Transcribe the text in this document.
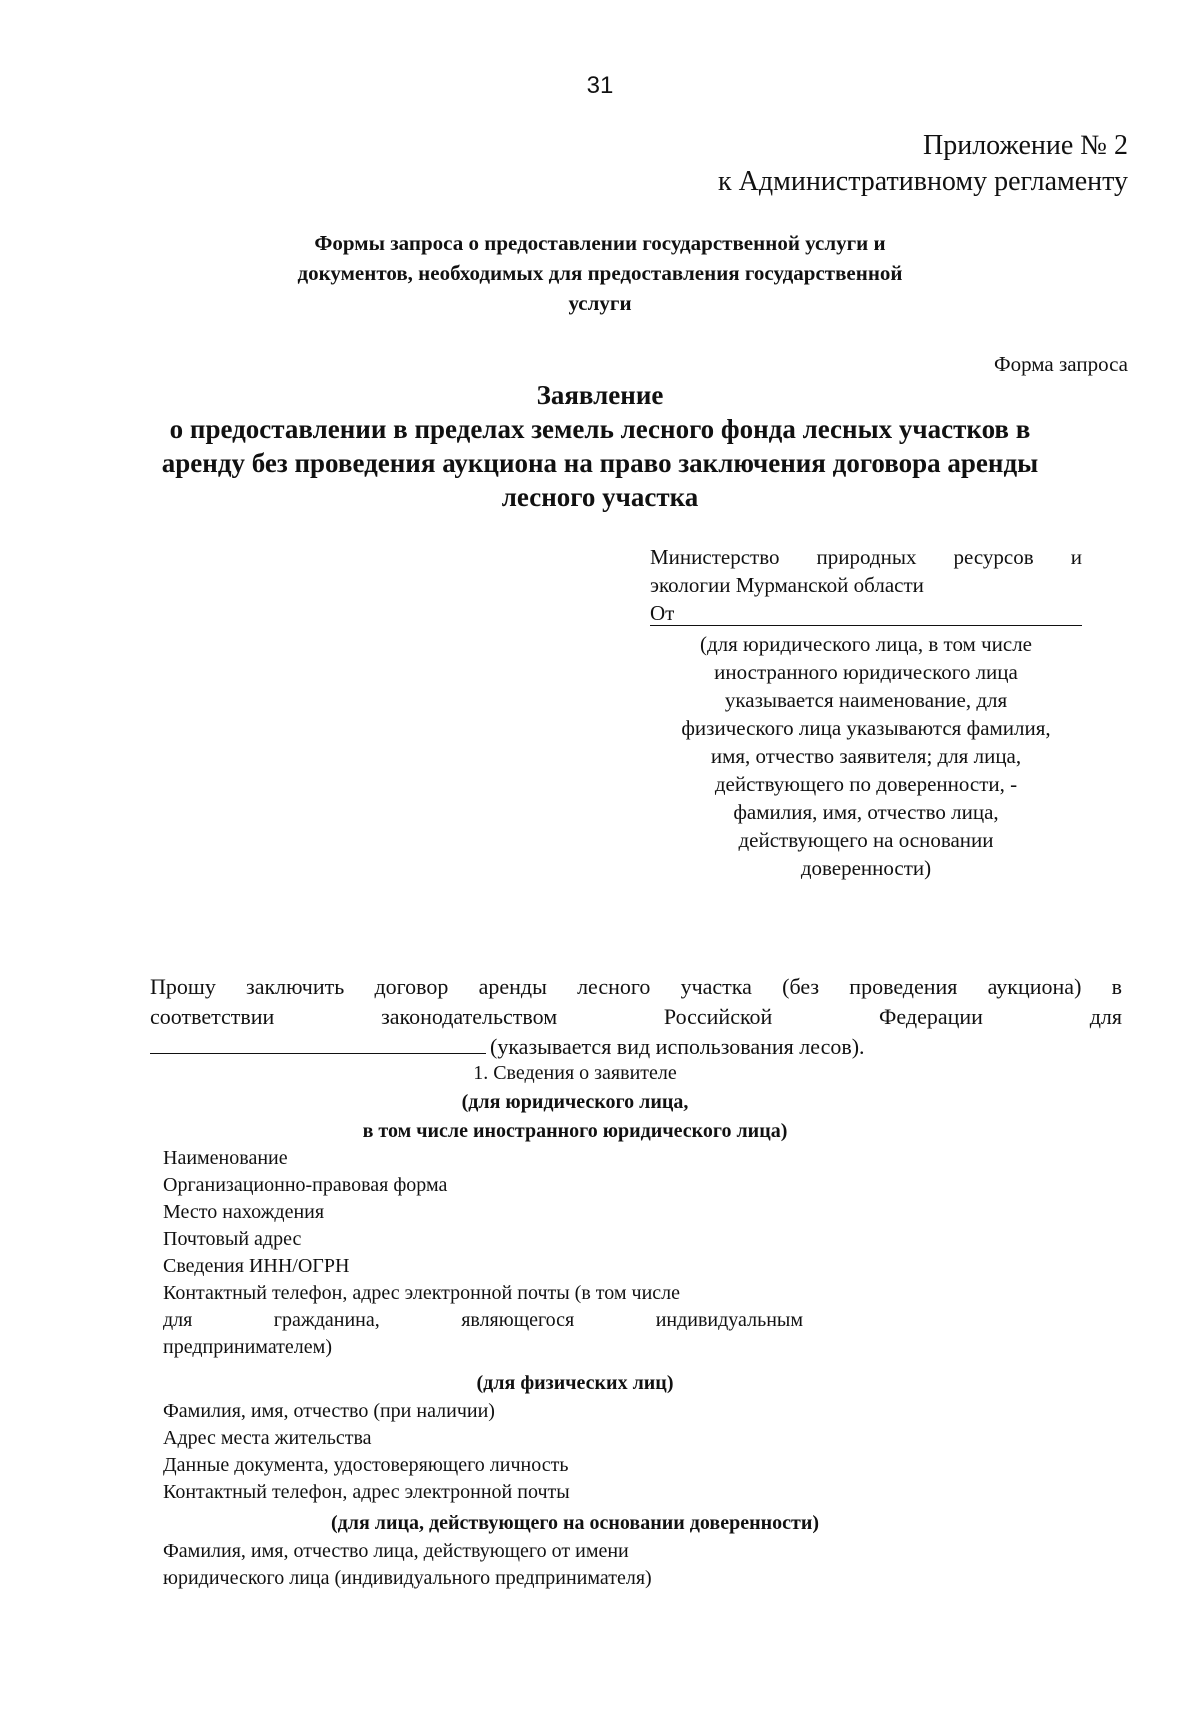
31
Приложение № 2
к Административному регламенту
Формы запроса о предоставлении государственной услуги и
документов, необходимых для предоставления государственной
услуги
Форма запроса
Заявление
о предоставлении в пределах земель лесного фонда лесных участков в
аренду без проведения аукциона на право заключения договора аренды
лесного участка
Министерство природных ресурсов и
экологии Мурманской области
От
(для юридического лица, в том числе
иностранного юридического лица
указывается наименование, для
физического лица указываются фамилия,
имя, отчество заявителя; для лица,
действующего по доверенности, -
фамилия, имя, отчество лица,
действующего на основании
доверенности)
Прошу заключить договор аренды лесного участка (без проведения аукциона) в
соответствии законодательством Российской Федерации для
(указывается вид использования лесов).
1. Сведения о заявителе
(для юридического лица,
в том числе иностранного юридического лица)
Наименование
Организационно-правовая форма
Место нахождения
Почтовый адрес
Сведения ИНН/ОГРН
Контактный телефон, адрес электронной почты (в том числе
для гражданина, являющегося индивидуальным
предпринимателем)
(для физических лиц)
Фамилия, имя, отчество (при наличии)
Адрес места жительства
Данные документа, удостоверяющего личность
Контактный телефон, адрес электронной почты
(для лица, действующего на основании доверенности)
Фамилия, имя, отчество лица, действующего от имени
юридического лица (индивидуального предпринимателя)
